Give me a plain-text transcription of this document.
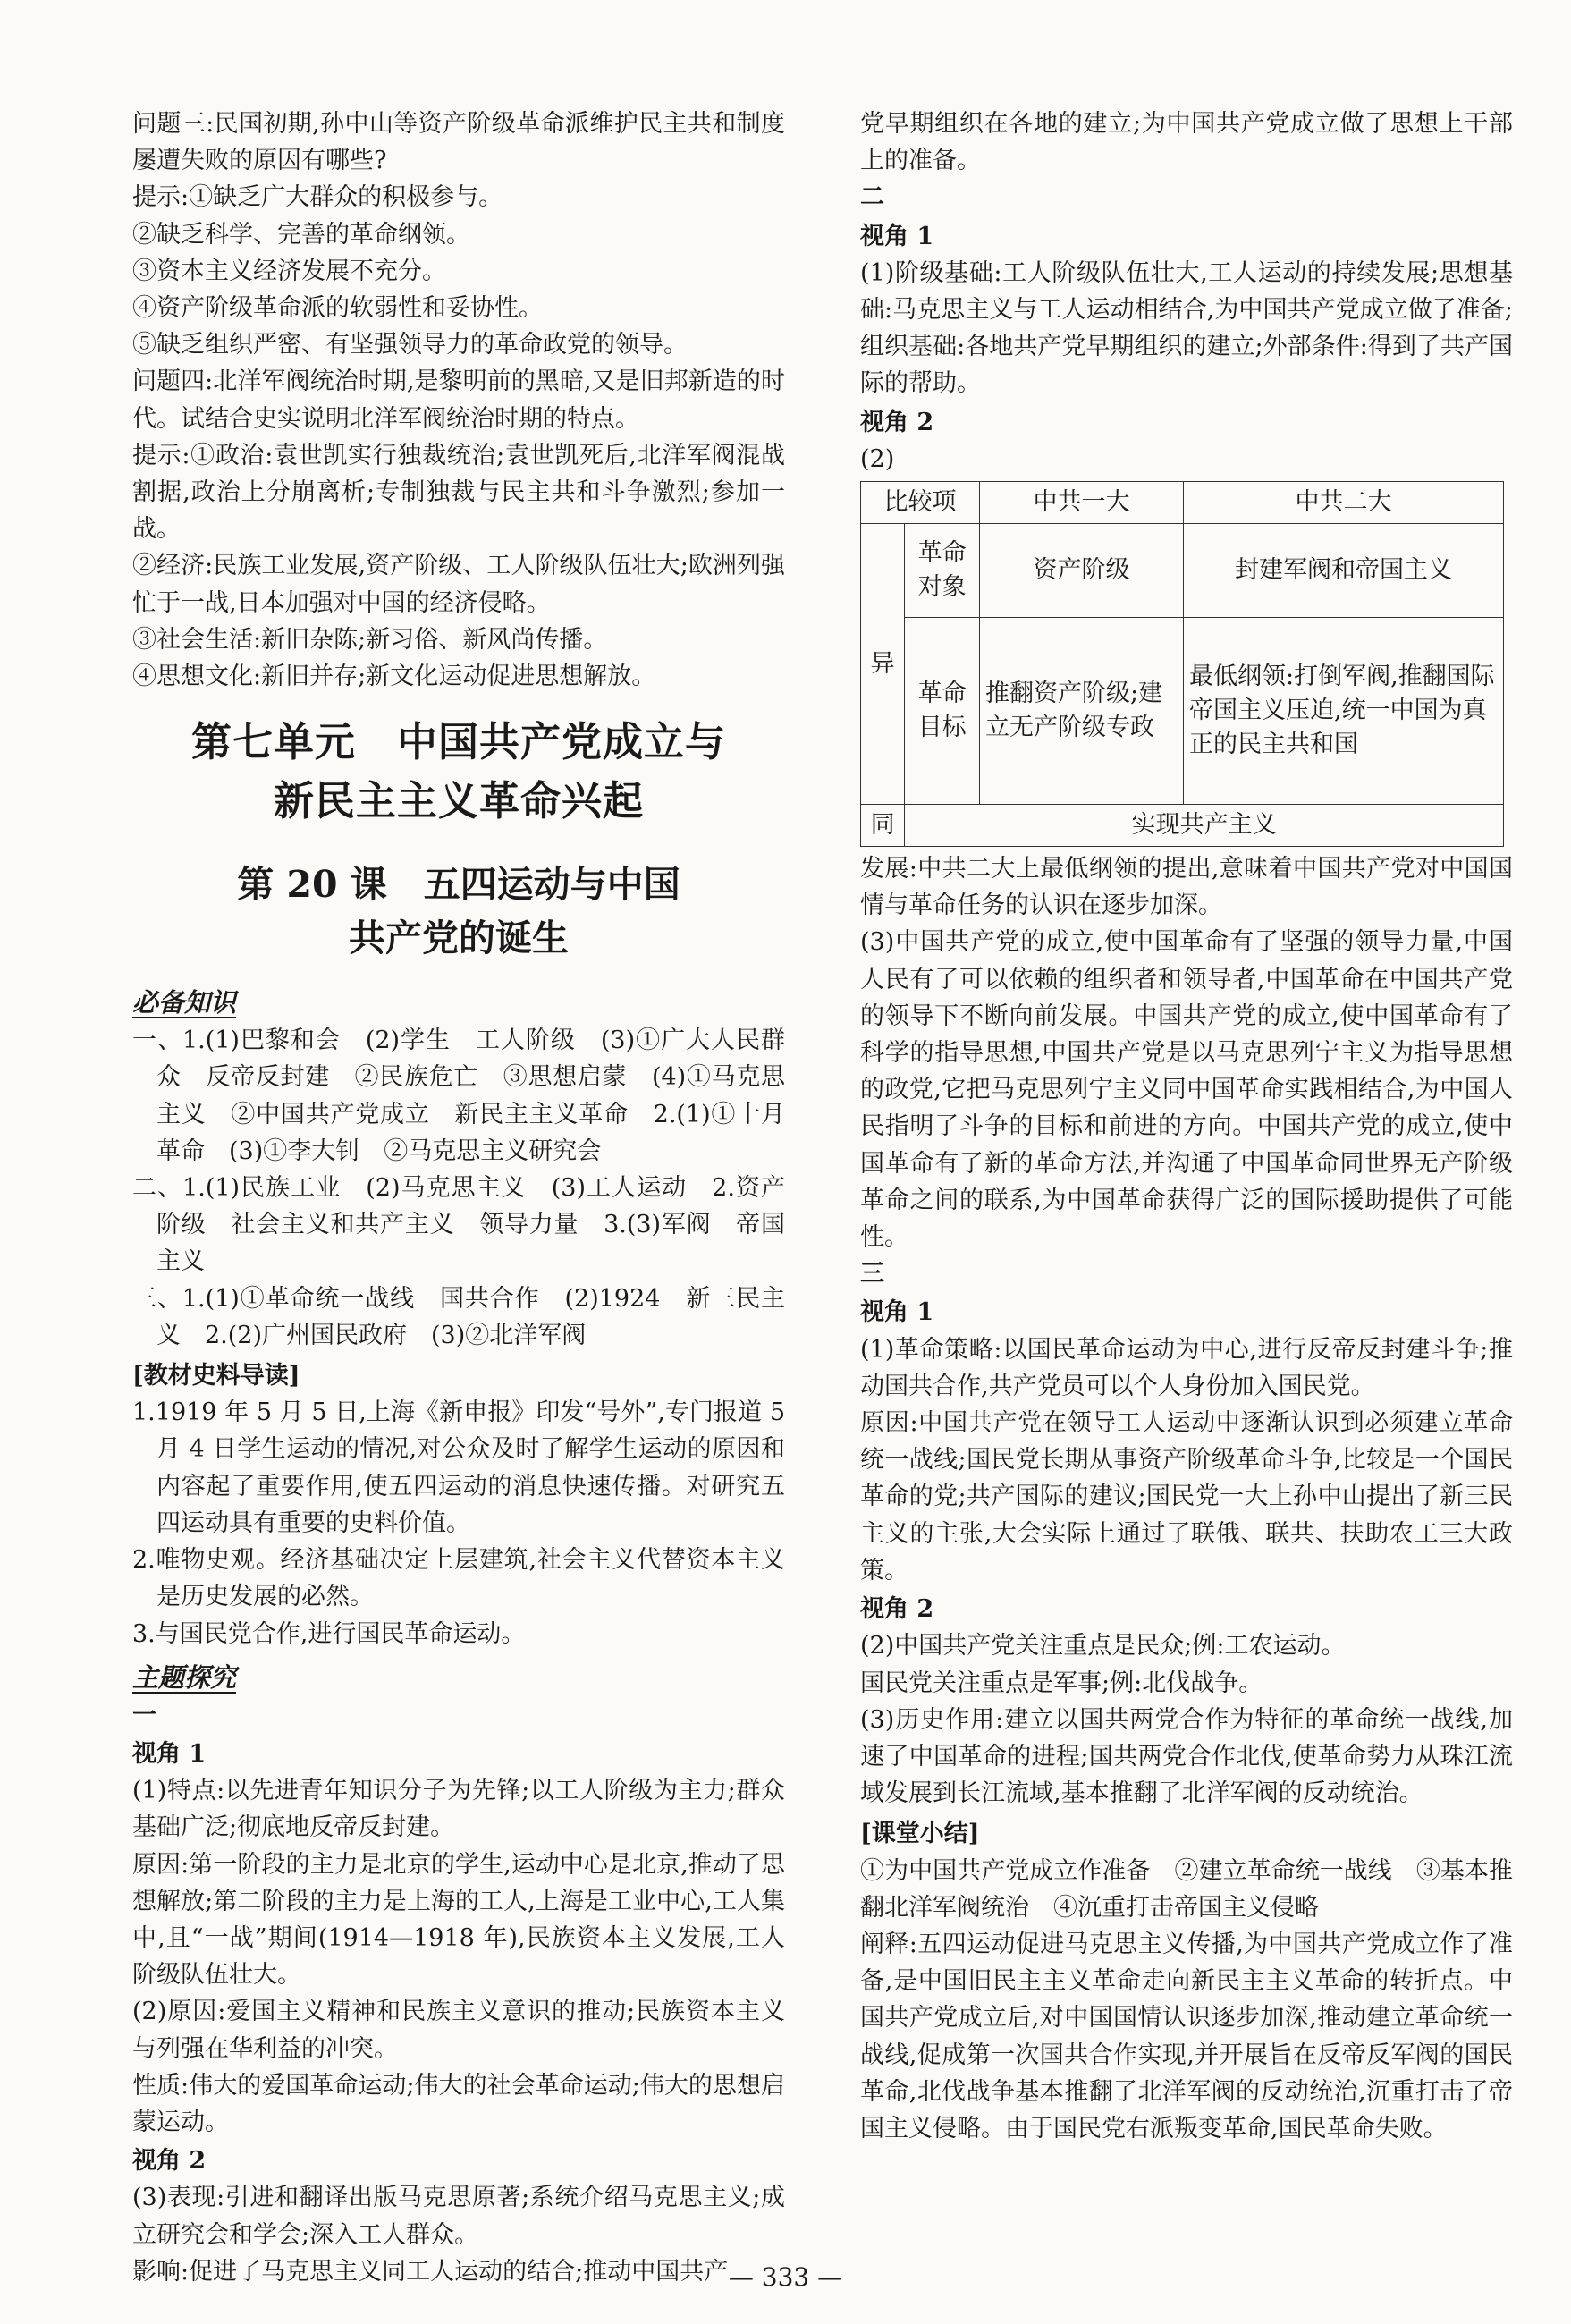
问题三:民国初期,孙中山等资产阶级革命派维护民主共和制度屡遭失败的原因有哪些?

提示:①缺乏广大群众的积极参与。

②缺乏科学、完善的革命纲领。

③资本主义经济发展不充分。

④资产阶级革命派的软弱性和妥协性。

⑤缺乏组织严密、有坚强领导力的革命政党的领导。

问题四:北洋军阀统治时期,是黎明前的黑暗,又是旧邦新造的时代。试结合史实说明北洋军阀统治时期的特点。

提示:①政治:袁世凯实行独裁统治;袁世凯死后,北洋军阀混战割据,政治上分崩离析;专制独裁与民主共和斗争激烈;参加一战。

②经济:民族工业发展,资产阶级、工人阶级队伍壮大;欧洲列强忙于一战,日本加强对中国的经济侵略。

③社会生活:新旧杂陈;新习俗、新风尚传播。

④思想文化:新旧并存;新文化运动促进思想解放。

第七单元　中国共产党成立与
新民主主义革命兴起
第 20 课　五四运动与中国
共产党的诞生

必备知识

一、1.(1)巴黎和会　(2)学生　工人阶级　(3)①广大人民群众　反帝反封建　②民族危亡　③思想启蒙　(4)①马克思主义　②中国共产党成立　新民主主义革命　2.(1)①十月革命　(3)①李大钊　②马克思主义研究会

二、1.(1)民族工业　(2)马克思主义　(3)工人运动　2.资产阶级　社会主义和共产主义　领导力量　3.(3)军阀　帝国主义

三、1.(1)①革命统一战线　国共合作　(2)1924　新三民主义　2.(2)广州国民政府　(3)②北洋军阀

[教材史料导读]

1.1919 年 5 月 5 日,上海《新申报》印发“号外”,专门报道 5 月 4 日学生运动的情况,对公众及时了解学生运动的原因和内容起了重要作用,使五四运动的消息快速传播。对研究五四运动具有重要的史料价值。

2.唯物史观。经济基础决定上层建筑,社会主义代替资本主义是历史发展的必然。

3.与国民党合作,进行国民革命运动。

主题探究

一

视角 1

(1)特点:以先进青年知识分子为先锋;以工人阶级为主力;群众基础广泛;彻底地反帝反封建。

原因:第一阶段的主力是北京的学生,运动中心是北京,推动了思想解放;第二阶段的主力是上海的工人,上海是工业中心,工人集中,且“一战”期间(1914—1918 年),民族资本主义发展,工人阶级队伍壮大。

(2)原因:爱国主义精神和民族主义意识的推动;民族资本主义与列强在华利益的冲突。

性质:伟大的爱国革命运动;伟大的社会革命运动;伟大的思想启蒙运动。

视角 2

(3)表现:引进和翻译出版马克思原著;系统介绍马克思主义;成立研究会和学会;深入工人群众。

影响:促进了马克思主义同工人运动的结合;推动中国共产

党早期组织在各地的建立;为中国共产党成立做了思想上干部上的准备。

二

视角 1

(1)阶级基础:工人阶级队伍壮大,工人运动的持续发展;思想基础:马克思主义与工人运动相结合,为中国共产党成立做了准备;组织基础:各地共产党早期组织的建立;外部条件:得到了共产国际的帮助。

视角 2

(2)

比较项		中共一大	中共二大
异	革命对象	资产阶级	封建军阀和帝国主义
	革命目标	推翻资产阶级;建立无产阶级专政	最低纲领:打倒军阀,推翻国际帝国主义压迫,统一中国为真正的民主共和国
同	实现共产主义		

发展:中共二大上最低纲领的提出,意味着中国共产党对中国国情与革命任务的认识在逐步加深。

(3)中国共产党的成立,使中国革命有了坚强的领导力量,中国人民有了可以依赖的组织者和领导者,中国革命在中国共产党的领导下不断向前发展。中国共产党的成立,使中国革命有了科学的指导思想,中国共产党是以马克思列宁主义为指导思想的政党,它把马克思列宁主义同中国革命实践相结合,为中国人民指明了斗争的目标和前进的方向。中国共产党的成立,使中国革命有了新的革命方法,并沟通了中国革命同世界无产阶级革命之间的联系,为中国革命获得广泛的国际援助提供了可能性。

三

视角 1

(1)革命策略:以国民革命运动为中心,进行反帝反封建斗争;推动国共合作,共产党员可以个人身份加入国民党。

原因:中国共产党在领导工人运动中逐渐认识到必须建立革命统一战线;国民党长期从事资产阶级革命斗争,比较是一个国民革命的党;共产国际的建议;国民党一大上孙中山提出了新三民主义的主张,大会实际上通过了联俄、联共、扶助农工三大政策。

视角 2

(2)中国共产党关注重点是民众;例:工农运动。

国民党关注重点是军事;例:北伐战争。

(3)历史作用:建立以国共两党合作为特征的革命统一战线,加速了中国革命的进程;国共两党合作北伐,使革命势力从珠江流域发展到长江流域,基本推翻了北洋军阀的反动统治。

[课堂小结]

①为中国共产党成立作准备　②建立革命统一战线　③基本推翻北洋军阀统治　④沉重打击帝国主义侵略

阐释:五四运动促进马克思主义传播,为中国共产党成立作了准备,是中国旧民主主义革命走向新民主主义革命的转折点。中国共产党成立后,对中国国情认识逐步加深,推动建立革命统一战线,促成第一次国共合作实现,并开展旨在反帝反军阀的国民革命,北伐战争基本推翻了北洋军阀的反动统治,沉重打击了帝国主义侵略。由于国民党右派叛变革命,国民革命失败。

— 333 —
